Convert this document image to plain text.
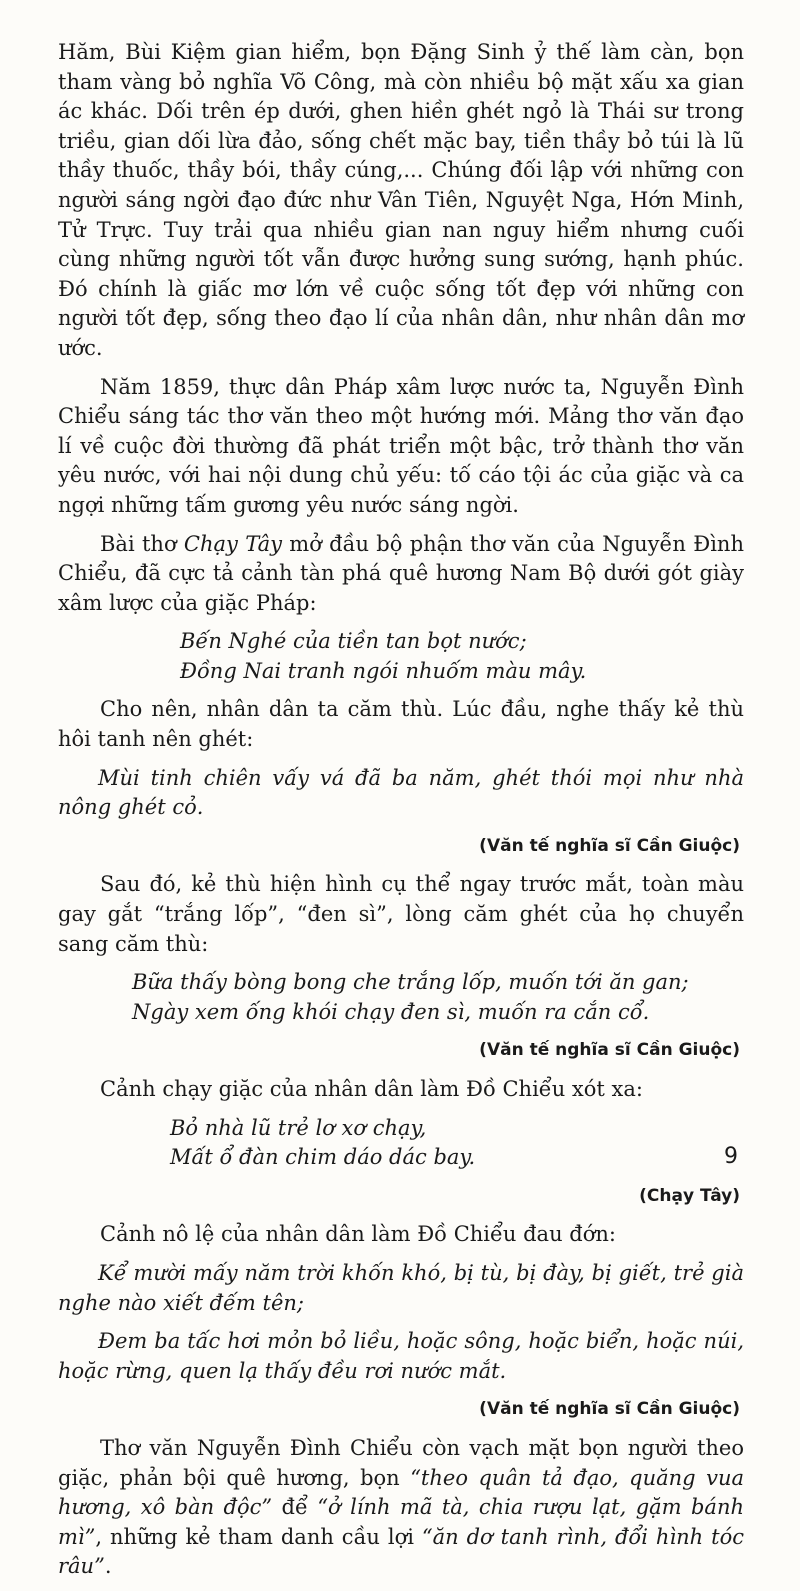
Hăm, Bùi Kiệm gian hiểm, bọn Đặng Sinh ỷ thế làm càn, bọn tham vàng bỏ nghĩa Võ Công, mà còn nhiều bộ mặt xấu xa gian ác khác. Dối trên ép dưới, ghen hiền ghét ngỏ là Thái sư trong triều, gian dối lừa đảo, sống chết mặc bay, tiền thầy bỏ túi là lũ thầy thuốc, thầy bói, thầy cúng,... Chúng đối lập với những con người sáng ngời đạo đức như Vân Tiên, Nguyệt Nga, Hớn Minh, Tử Trực. Tuy trải qua nhiều gian nan nguy hiểm nhưng cuối cùng những người tốt vẫn được hưởng sung sướng, hạnh phúc. Đó chính là giấc mơ lớn về cuộc sống tốt đẹp với những con người tốt đẹp, sống theo đạo lí của nhân dân, như nhân dân mơ ước.

Năm 1859, thực dân Pháp xâm lược nước ta, Nguyễn Đình Chiểu sáng tác thơ văn theo một hướng mới. Mảng thơ văn đạo lí về cuộc đời thường đã phát triển một bậc, trở thành thơ văn yêu nước, với hai nội dung chủ yếu: tố cáo tội ác của giặc và ca ngợi những tấm gương yêu nước sáng ngời.

Bài thơ Chạy Tây mở đầu bộ phận thơ văn của Nguyễn Đình Chiểu, đã cực tả cảnh tàn phá quê hương Nam Bộ dưới gót giày xâm lược của giặc Pháp:

Bến Nghé của tiền tan bọt nước;
Đồng Nai tranh ngói nhuốm màu mây.

Cho nên, nhân dân ta căm thù. Lúc đầu, nghe thấy kẻ thù hôi tanh nên ghét:

Mùi tinh chiên vấy vá đã ba năm, ghét thói mọi như nhà nông ghét cỏ.

(Văn tế nghĩa sĩ Cần Giuộc)

Sau đó, kẻ thù hiện hình cụ thể ngay trước mắt, toàn màu gay gắt “trắng lốp”, “đen sì”, lòng căm ghét của họ chuyển sang căm thù:

Bữa thấy bòng bong che trắng lốp, muốn tới ăn gan;
Ngày xem ống khói chạy đen sì, muốn ra cắn cổ.
(Văn tế nghĩa sĩ Cần Giuộc)

Cảnh chạy giặc của nhân dân làm Đồ Chiểu xót xa:

Bỏ nhà lũ trẻ lơ xơ chạy,
Mất ổ đàn chim dáo dác bay.
(Chạy Tây)

Cảnh nô lệ của nhân dân làm Đồ Chiểu đau đớn:

Kể mười mấy năm trời khốn khó, bị tù, bị đày, bị giết, trẻ già nghe nào xiết đếm tên;

Đem ba tấc hơi mỏn bỏ liều, hoặc sông, hoặc biển, hoặc núi, hoặc rừng, quen lạ thấy đều rơi nước mắt.

(Văn tế nghĩa sĩ Cần Giuộc)

Thơ văn Nguyễn Đình Chiểu còn vạch mặt bọn người theo giặc, phản bội quê hương, bọn “theo quân tả đạo, quăng vua hương, xô bàn độc” để “ở lính mã tà, chia rượu lạt, gặm bánh mì”, những kẻ tham danh cầu lợi “ăn dơ tanh rình, đổi hình tóc râu”.

9
